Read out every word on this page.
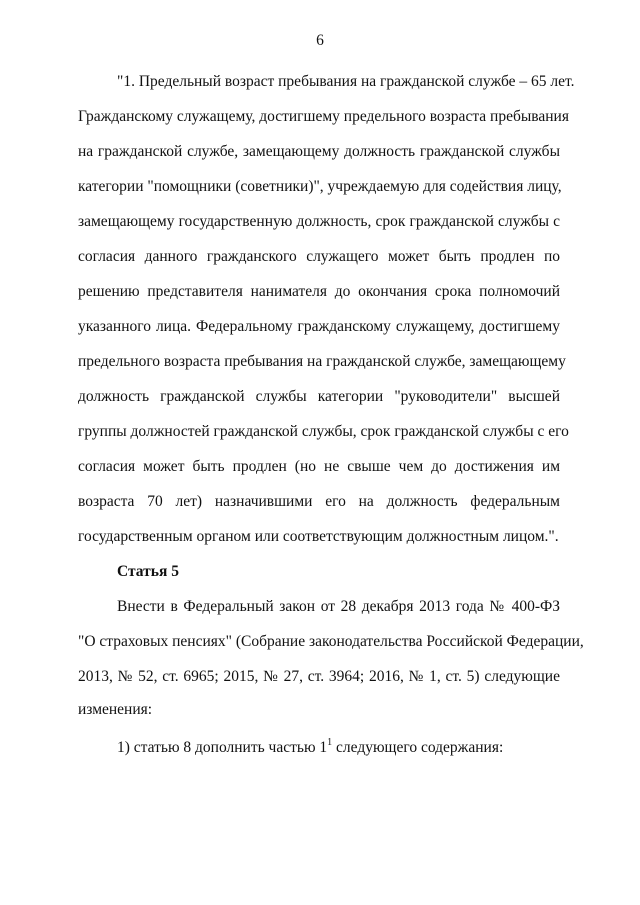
6
"1. Предельный возраст пребывания на гражданской службе – 65 лет.
Гражданскому служащему, достигшему предельного возраста пребывания
на гражданской службе, замещающему должность гражданской службы
категории "помощники (советники)", учреждаемую для содействия лицу,
замещающему государственную должность, срок гражданской службы с
согласия данного гражданского служащего может быть продлен по
решению представителя нанимателя до окончания срока полномочий
указанного лица. Федеральному гражданскому служащему, достигшему
предельного возраста пребывания на гражданской службе, замещающему
должность гражданской службы категории "руководители" высшей
группы должностей гражданской службы, срок гражданской службы с его
согласия может быть продлен (но не свыше чем до достижения им
возраста 70 лет) назначившими его на должность федеральным
государственным органом или соответствующим должностным лицом.".
Статья 5
Внести в Федеральный закон от 28 декабря 2013 года № 400-ФЗ
"О страховых пенсиях" (Собрание законодательства Российской Федерации,
2013, № 52, ст. 6965; 2015, № 27, ст. 3964; 2016, № 1, ст. 5) следующие
изменения:
1) статью 8 дополнить частью $1^1$ следующего содержания:
